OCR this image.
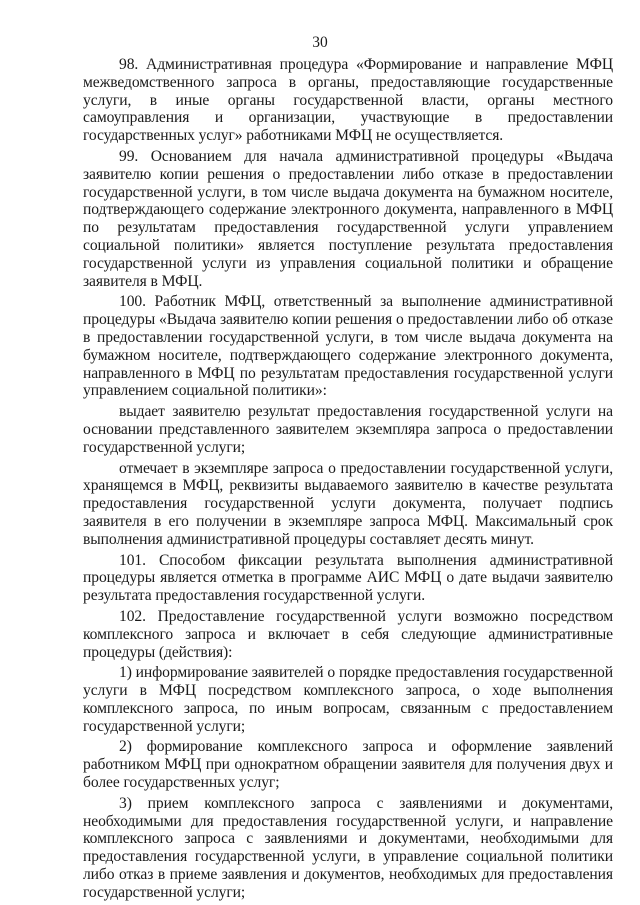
30

98. Административная процедура «Формирование и направление МФЦ межведомственного запроса в органы, предоставляющие государственные услуги, в иные органы государственной власти, органы местного самоуправления и организации, участвующие в предоставлении государственных услуг» работниками МФЦ не осуществляется.

99. Основанием для начала административной процедуры «Выдача заявителю копии решения о предоставлении либо отказе в предоставлении государственной услуги, в том числе выдача документа на бумажном носителе, подтверждающего содержание электронного документа, направленного в МФЦ по результатам предоставления государственной услуги управлением социальной политики» является поступление результата предоставления государственной услуги из управления социальной политики и обращение заявителя в МФЦ.

100. Работник МФЦ, ответственный за выполнение административной процедуры «Выдача заявителю копии решения о предоставлении либо об отказе в предоставлении государственной услуги, в том числе выдача документа на бумажном носителе, подтверждающего содержание электронного документа, направленного в МФЦ по результатам предоставления государственной услуги управлением социальной политики»:

выдает заявителю результат предоставления государственной услуги на основании представленного заявителем экземпляра запроса о предоставлении государственной услуги;

отмечает в экземпляре запроса о предоставлении государственной услуги, хранящемся в МФЦ, реквизиты выдаваемого заявителю в качестве результата предоставления государственной услуги документа, получает подпись заявителя в его получении в экземпляре запроса МФЦ. Максимальный срок выполнения административной процедуры составляет десять минут.

101. Способом фиксации результата выполнения административной процедуры является отметка в программе АИС МФЦ о дате выдачи заявителю результата предоставления государственной услуги.

102. Предоставление государственной услуги возможно посредством комплексного запроса и включает в себя следующие административные процедуры (действия):

1) информирование заявителей о порядке предоставления государственной услуги в МФЦ посредством комплексного запроса, о ходе выполнения комплексного запроса, по иным вопросам, связанным с предоставлением государственной услуги;

2) формирование комплексного запроса и оформление заявлений работником МФЦ при однократном обращении заявителя для получения двух и более государственных услуг;

3) прием комплексного запроса с заявлениями и документами, необходимыми для предоставления государственной услуги, и направление комплексного запроса с заявлениями и документами, необходимыми для предоставления государственной услуги, в управление социальной политики либо отказ в приеме заявления и документов, необходимых для предоставления государственной услуги;
